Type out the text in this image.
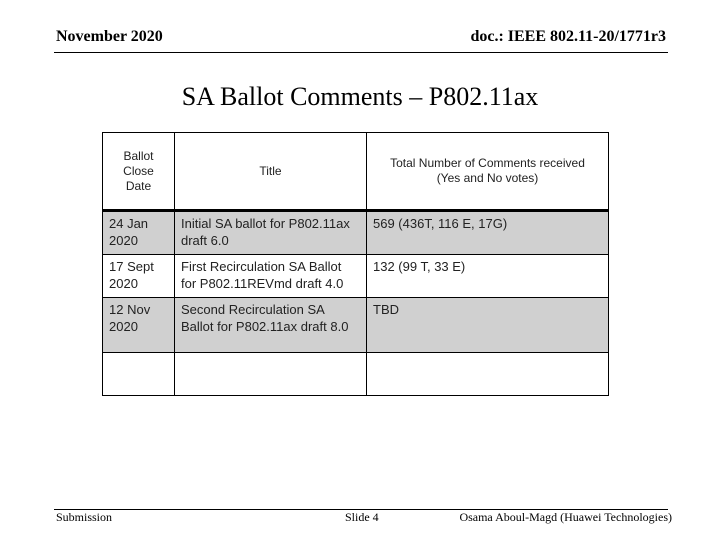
November 2020	doc.: IEEE 802.11-20/1771r3
SA Ballot Comments – P802.11ax
Ballot Close Date	Title	Total Number of Comments received (Yes and No votes)
24 Jan 2020	Initial SA ballot for P802.11ax draft 6.0	569 (436T, 116 E, 17G)
17 Sept 2020	First Recirculation SA Ballot for P802.11REVmd draft 4.0	132 (99 T, 33 E)
12 Nov 2020	Second Recirculation SA Ballot for P802.11ax draft 8.0	TBD

Submission	Slide 4	Osama Aboul-Magd (Huawei Technologies)
